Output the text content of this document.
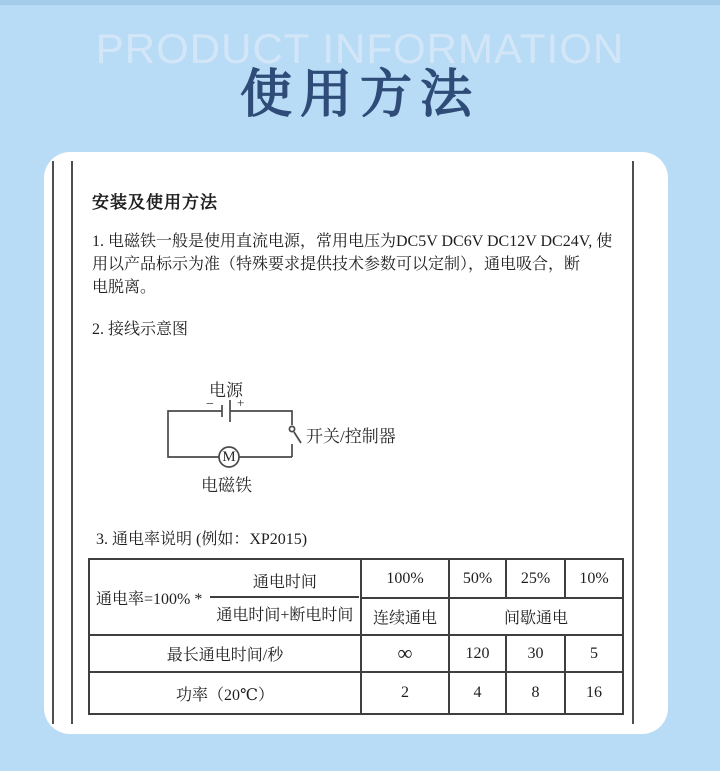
PRODUCT INFORMATION
使用方法
安装及使用方法
1. 电磁铁一般是使用直流电源，常用电压为DC5V DC6V DC12V DC24V, 使
用以产品标示为准（特殊要求提供技术参数可以定制），通电吸合，断
电脱离。
2. 接线示意图
− +
电源
开关/控制器
电磁铁
M
3. 通电率说明 (例如：XP2015)
通电率$=100\% * \frac{\text{通电时间}}{\text{通电时间+断电时间}}$	100%	50%	25%	10%
	连续通电	间歇通电		
最长通电时间/秒	∞	120	30	5
功率（20℃）	2	4	8	16
